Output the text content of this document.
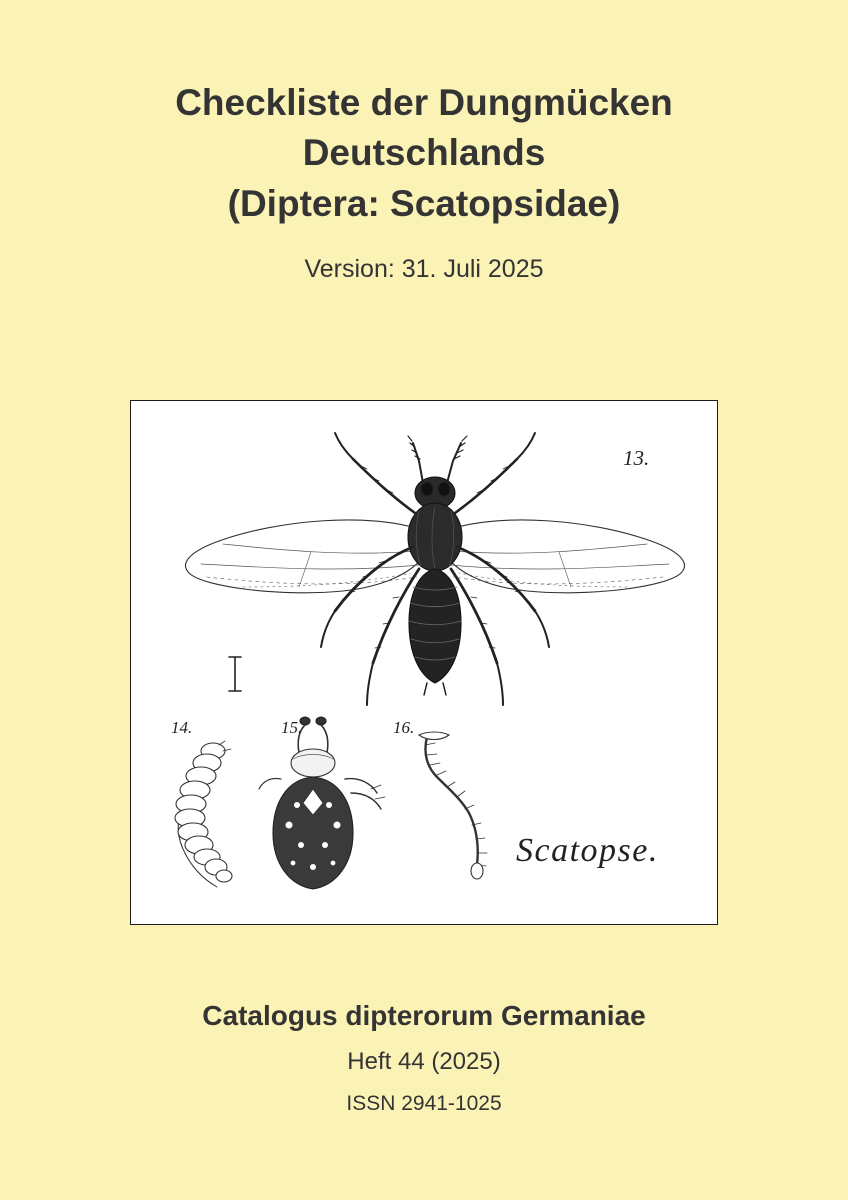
Checkliste der Dungmücken
Deutschlands
(Diptera: Scatopsidae)
Version: 31. Juli 2025
13.
14.	15.	16.
Scatopse.
Catalogus dipterorum Germaniae
Heft 44 (2025)
ISSN 2941-1025
